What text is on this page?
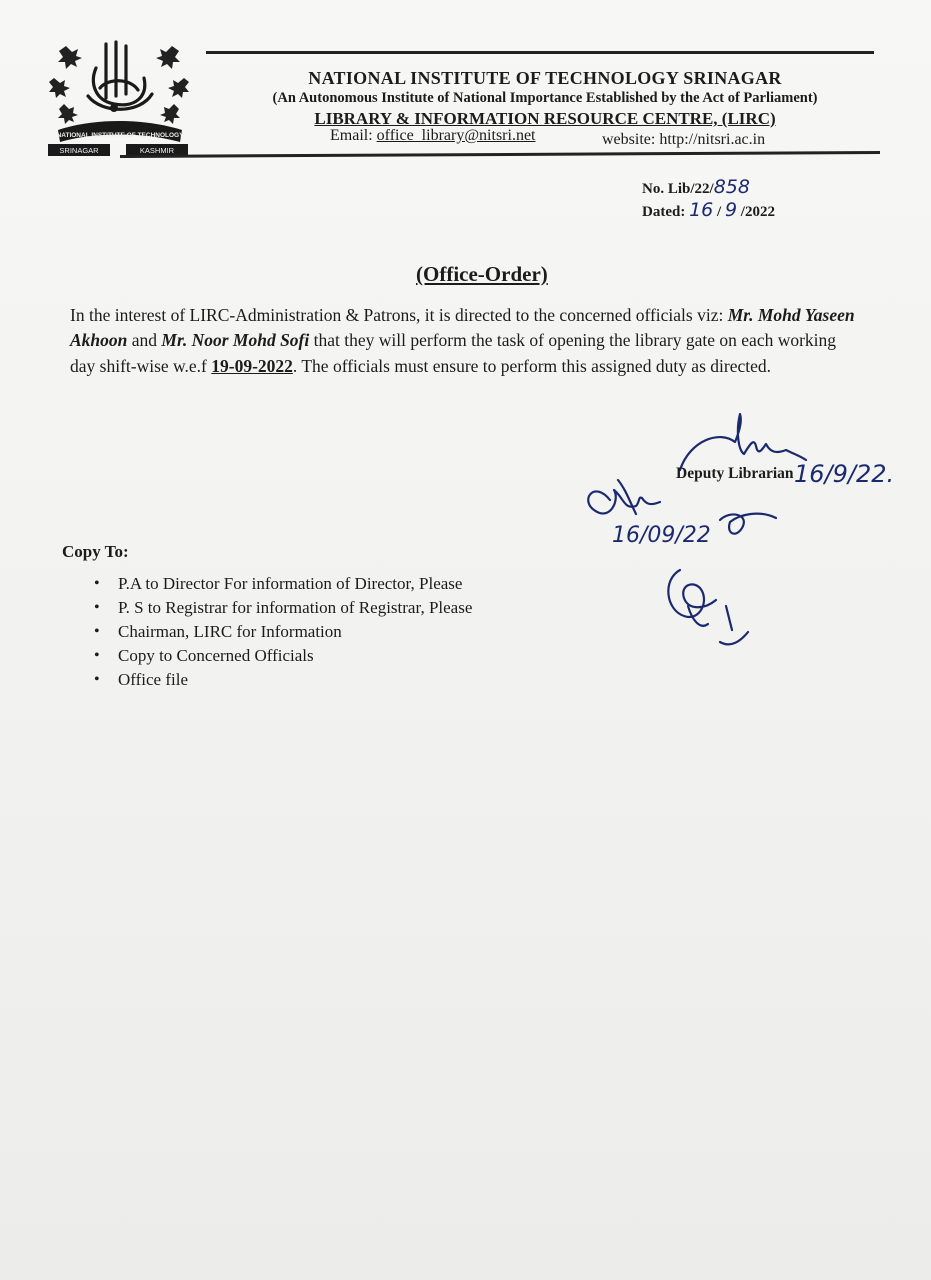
NATIONAL INSTITUTE OF TECHNOLOGY
SRINAGAR	KASHMIR
NATIONAL INSTITUTE OF TECHNOLOGY SRINAGAR
(An Autonomous Institute of National Importance Established by the Act of Parliament)
LIBRARY & INFORMATION RESOURCE CENTRE, (LIRC)
Email: office_library@nitsri.net	website: http://nitsri.ac.in
No. Lib/22/858
Dated: 16 / 9 /2022
(Office-Order)
In the interest of LIRC-Administration & Patrons, it is directed to the concerned officials viz: Mr. Mohd Yaseen
Akhoon and Mr. Noor Mohd Sofi that they will perform the task of opening the library gate on each working
day shift-wise w.e.f 19-09-2022. The officials must ensure to perform this assigned duty as directed.
16/9/22.
16/09/22
Deputy Librarian
Copy To:
• P.A to Director For information of Director, Please
• P. S to Registrar for information of Registrar, Please
• Chairman, LIRC for Information
• Copy to Concerned Officials
• Office file
